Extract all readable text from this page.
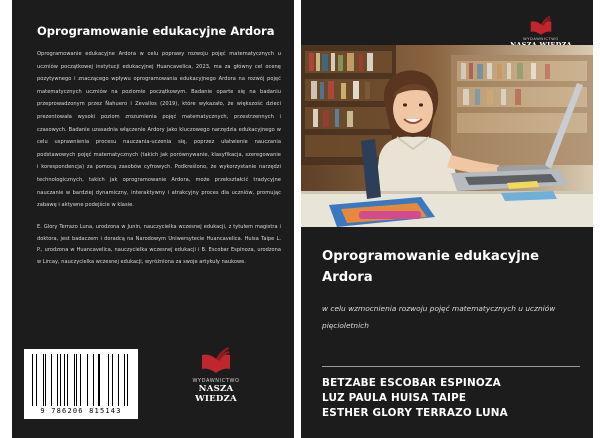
Oprogramowanie edukacyjne Ardora

Oprogramowanie edukacyjne Ardora w celu poprawy rozwoju pojęć matematycznych u uczniów początkowej instytucji edukacyjnej Huancavelica, 2023, ma za główny cel ocenę pozytywnego i znaczącego wpływu oprogramowania edukacyjnego Ardora na rozwój pojęć matematycznych uczniów na poziomie początkowym. Badanie oparte się na badaniu przeprowadzonym przez Ñahuero i Zevallos (2019), które wykazało, że większość dzieci prezentowała wysoki poziom zrozumienia pojęć matematycznych, przestrzennych i czasowych. Badanie uzasadnia włączenie Ardory jako kluczowego narzędzia edukacyjnego w celu usprawnienia procesu nauczania-uczenia się, poprzez ułatwienie nauczania podstawowych pojęć matematycznych (takich jak porównywanie, klasyfikacja, szeregowanie i korespondencja) za pomocą zasobów cyfrowych. Podkreślono, że wykorzystanie narzędzi technologicznych, takich jak oprogramowanie Ardora, może przekształcić tradycyjne nauczanie w bardziej dynamiczny, interaktywny i atrakcyjny proces dla uczniów, promując zabawę i aktywne podejście w klasie.

E. Glory Terrazo Luna, urodzona w Junin, nauczycielka wczesnej edukacji, z tytułem magistra i doktora, jest badaczem i doradcą na Narodowym Uniwersytecie Huancavelica. Huisa Taipe L. P., urodzona w Huancavelica, nauczycielka wczesnej edukacji i B. Escobar Espinoza, urodzona w Lircay, nauczycielka wczesnej edukacji, wyróżniona za swoje artykuły naukowe.

9 786206 815143
WYDAWNICTWO
NASZA WIEDZA
WYDAWNICTWO
Oprogramowanie edukacyjne Ardora

w celu wzmocnienia rozwoju pojęć matematycznych u uczniów pięcioletnich

BETZABE ESCOBAR ESPINOZA
LUZ PAULA HUISA TAIPE
ESTHER GLORY TERRAZO LUNA
